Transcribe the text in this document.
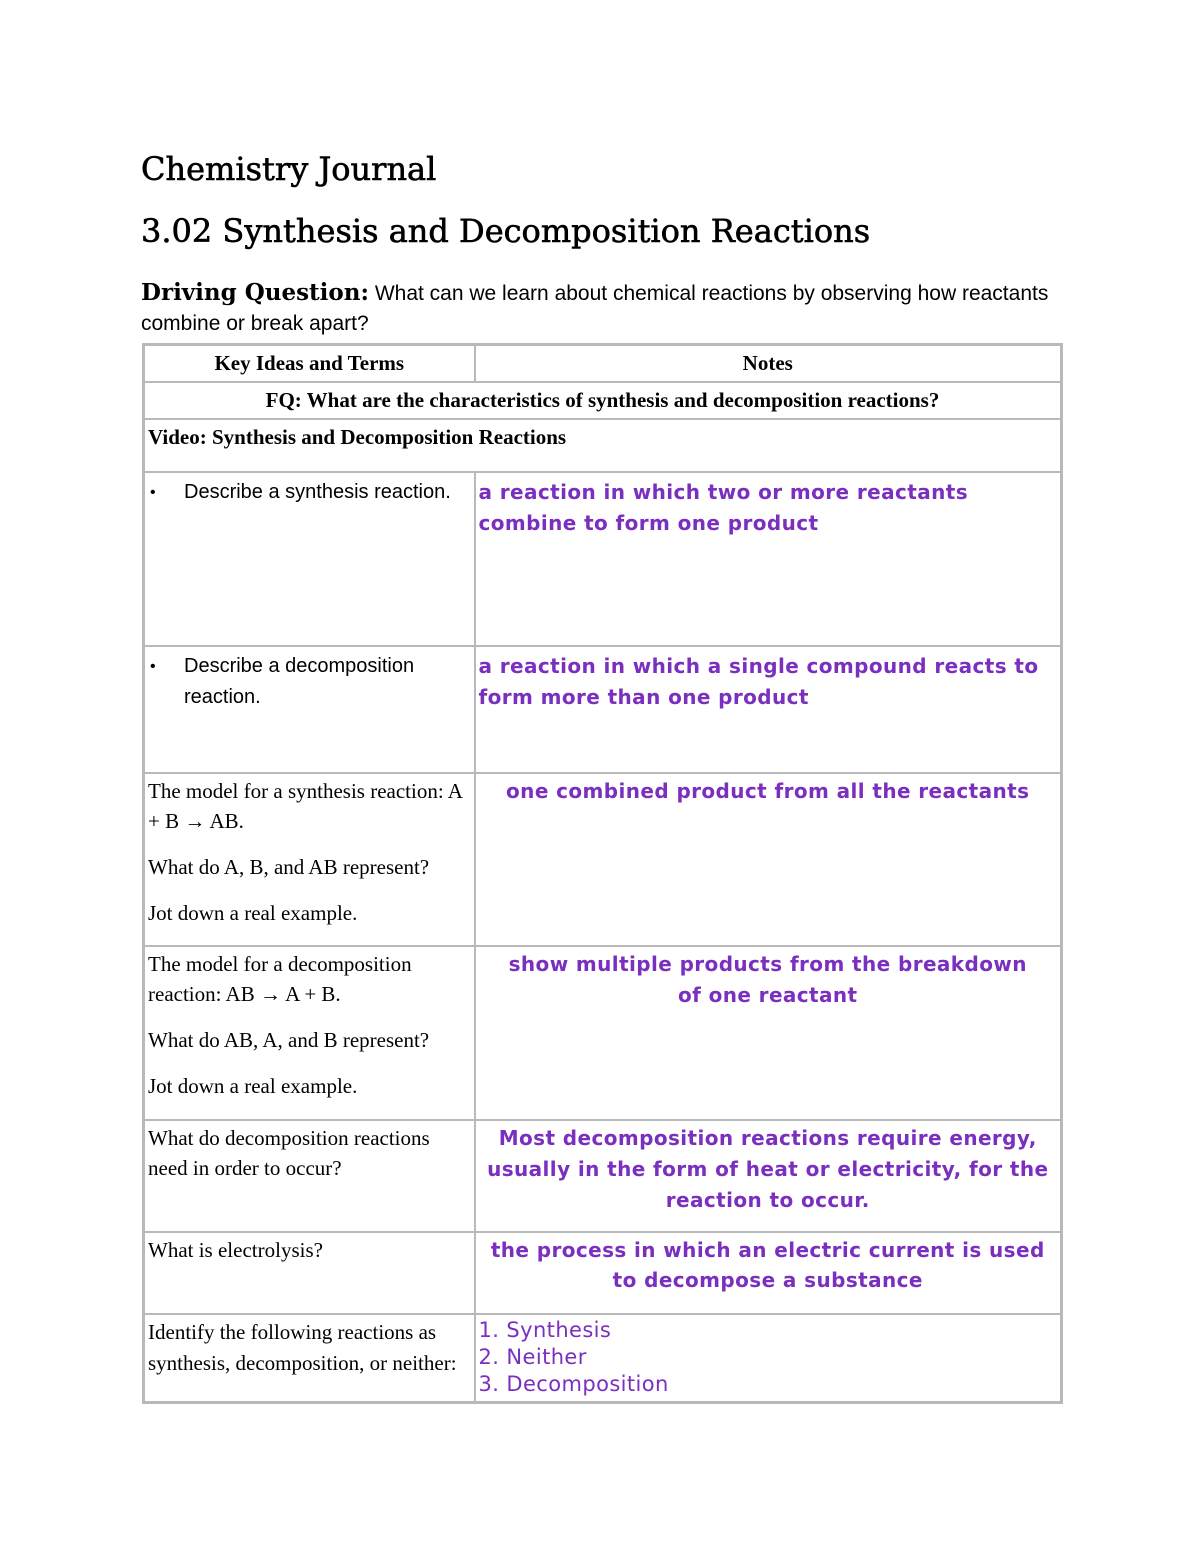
Chemistry Journal
3.02 Synthesis and Decomposition Reactions
Driving Question: What can we learn about chemical reactions by observing how reactants combine or break apart?
Key Ideas and Terms	Notes
FQ: What are the characteristics of synthesis and decomposition reactions?	
Video: Synthesis and Decomposition Reactions	

• Describe a synthesis reaction.	a reaction in which two or more reactants combine to form one product

• Describe a decomposition reaction.	a reaction in which a single compound reacts to form more than one product

The model for a synthesis reaction: A + B → AB.

What do A, B, and AB represent?

Jot down a real example.	one combined product from all the reactants

The model for a decomposition reaction: AB → A + B.

What do AB, A, and B represent?

Jot down a real example.	show multiple products from the breakdown of one reactant

What do decomposition reactions need in order to occur?	Most decomposition reactions require energy, usually in the form of heat or electricity, for the reaction to occur.

What is electrolysis?	the process in which an electric current is used to decompose a substance

Identify the following reactions as synthesis, decomposition, or neither:	1. Synthesis
2. Neither
3. Decomposition
